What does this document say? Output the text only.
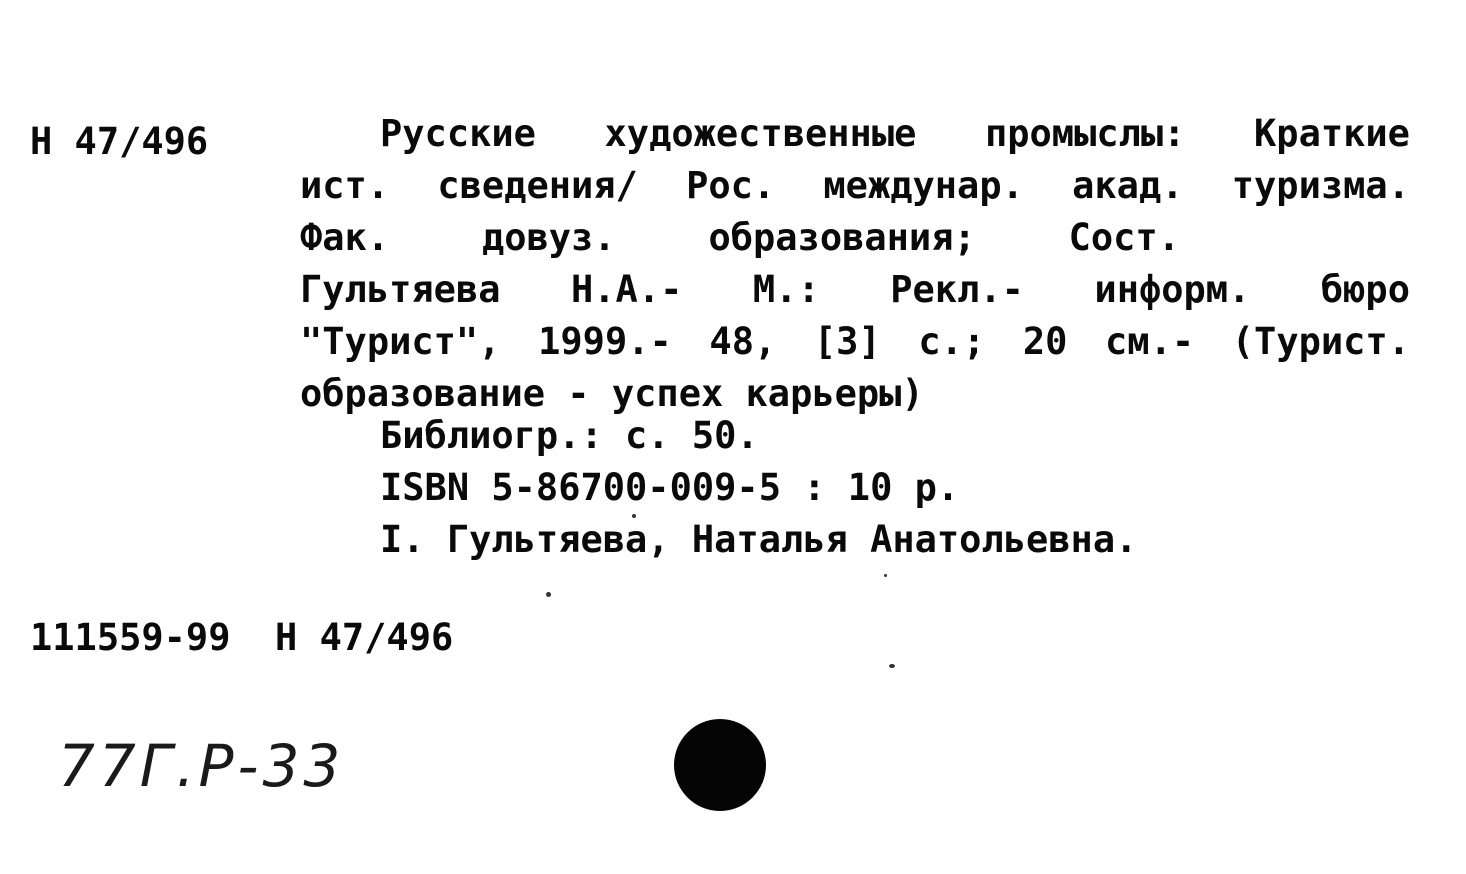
Н 47/496	Русские художественные промыслы: Краткие
ист. сведения/ Рос. междунар. акад. туризма.
Фак.	довуз.	образования;	Сост.
Гультяева Н.А.- М.: Рекл.- информ. бюро
"Турист", 1999.- 48, [3] с.; 20 см.- (Турист.
образование - успех карьеры)
Библиогр.: с. 50.
ISBN 5-86700-009-5 : 10 р.
I. Гультяева, Наталья Анатольевна.
111559-99  Н 47/496
77Г.Р-33
